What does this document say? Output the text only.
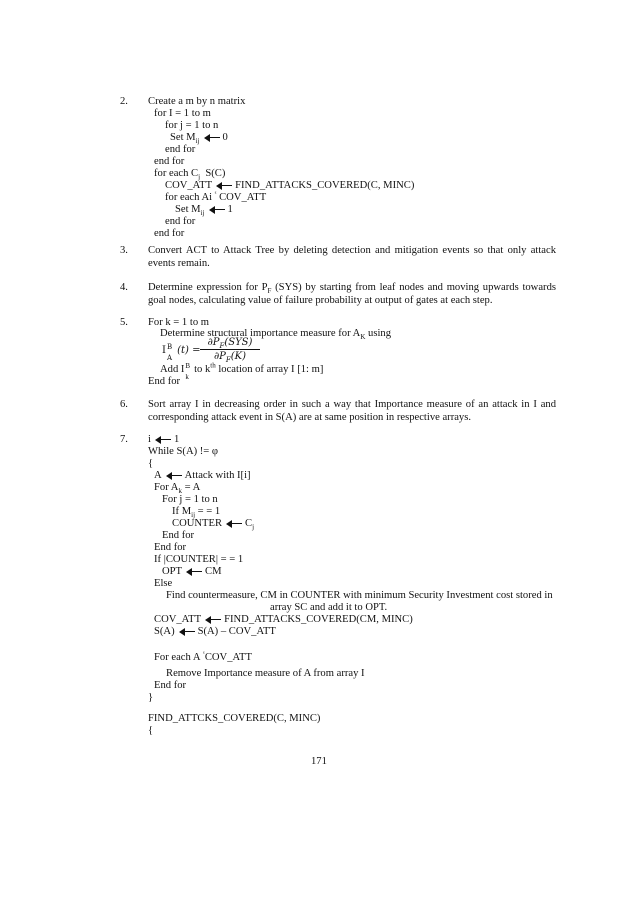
2. Create a m by n matrix
for I = 1 to m
for j = 1 to n
Set $M_{ij}$ 0
end for
end for
for each $C_j$ S(C)
COV_ATT FIND_ATTACKS_COVERED(C, MINC)
for each Ai $^ᵋ$ COV_ATT
Set $M_{ij}$ 1
end for
end for
3. Convert ACT to Attack Tree by deleting detection and mitigation events so that only attack events remain.
4. Determine expression for $P_F$ (SYS) by starting from leaf nodes and moving upwards towards goal nodes, calculating value of failure probability at output of gates at each step.
5. For k = 1 to m
Determine structural importance measure for $A_K$ using
I B
A
(t) =
$\partial P_F(SYS)$
$\partial P_F(K)$
Add I B
k
to $k^{th}$ location of array I [1: m]
End for
6. Sort array I in decreasing order in such a way that Importance measure of an attack in I and corresponding attack event in S(A) are at same position in respective arrays.
7. i 1
While S(A) != φ
{
A Attack with I[i]
For $A_k = A$
For j = 1 to n
If $M_{ij}$ = = 1
COUNTER $C_j$
End for
End for
If |COUNTER| = = 1
OPT CM
Else
Find countermeasure, CM in COUNTER with minimum Security Investment cost stored in
array SC and add it to OPT.
COV_ATT FIND_ATTACKS_COVERED(CM, MINC)
S(A) S(A) – COV_ATT
For each A $^ᵋ$COV_ATT
Remove Importance measure of A from array I
End for
}
FIND_ATTCKS_COVERED(C, MINC)
{
171
